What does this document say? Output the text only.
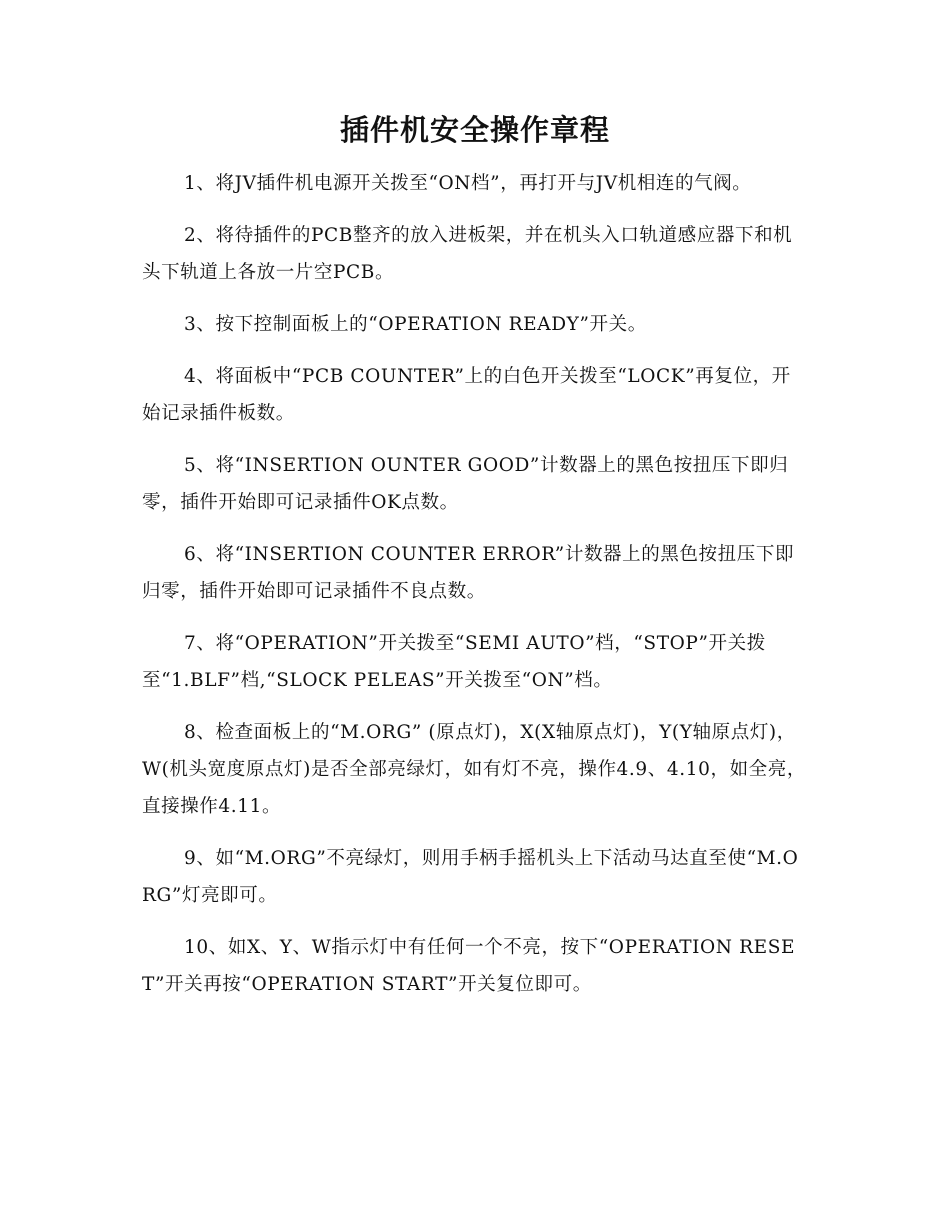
插件机安全操作章程

1、将JV插件机电源开关拨至“ON档”，再打开与JV机相连的气阀。

2、将待插件的PCB整齐的放入进板架，并在机头入口轨道感应器下和机头下轨道上各放一片空PCB。

3、按下控制面板上的“OPERATION READY”开关。

4、将面板中“PCB COUNTER”上的白色开关拨至“LOCK”再复位，开始记录插件板数。

5、将“INSERTION OUNTER GOOD”计数器上的黑色按扭压下即归零，插件开始即可记录插件OK点数。

6、将“INSERTION COUNTER ERROR”计数器上的黑色按扭压下即归零，插件开始即可记录插件不良点数。

7、将“OPERATION”开关拨至“SEMI AUTO”档，“STOP”开关拨至“1.BLF”档,“SLOCK PELEAS”开关拨至“ON”档。

8、检查面板上的“M.ORG” (原点灯)，X(X轴原点灯)，Y(Y轴原点灯)，W(机头宽度原点灯)是否全部亮绿灯，如有灯不亮，操作4.9、4.10，如全亮，直接操作4.11。

9、如“M.ORG”不亮绿灯，则用手柄手摇机头上下活动马达直至使“M.ORG”灯亮即可。

10、如X、Y、W指示灯中有任何一个不亮，按下“OPERATION RESET”开关再按“OPERATION START”开关复位即可。
